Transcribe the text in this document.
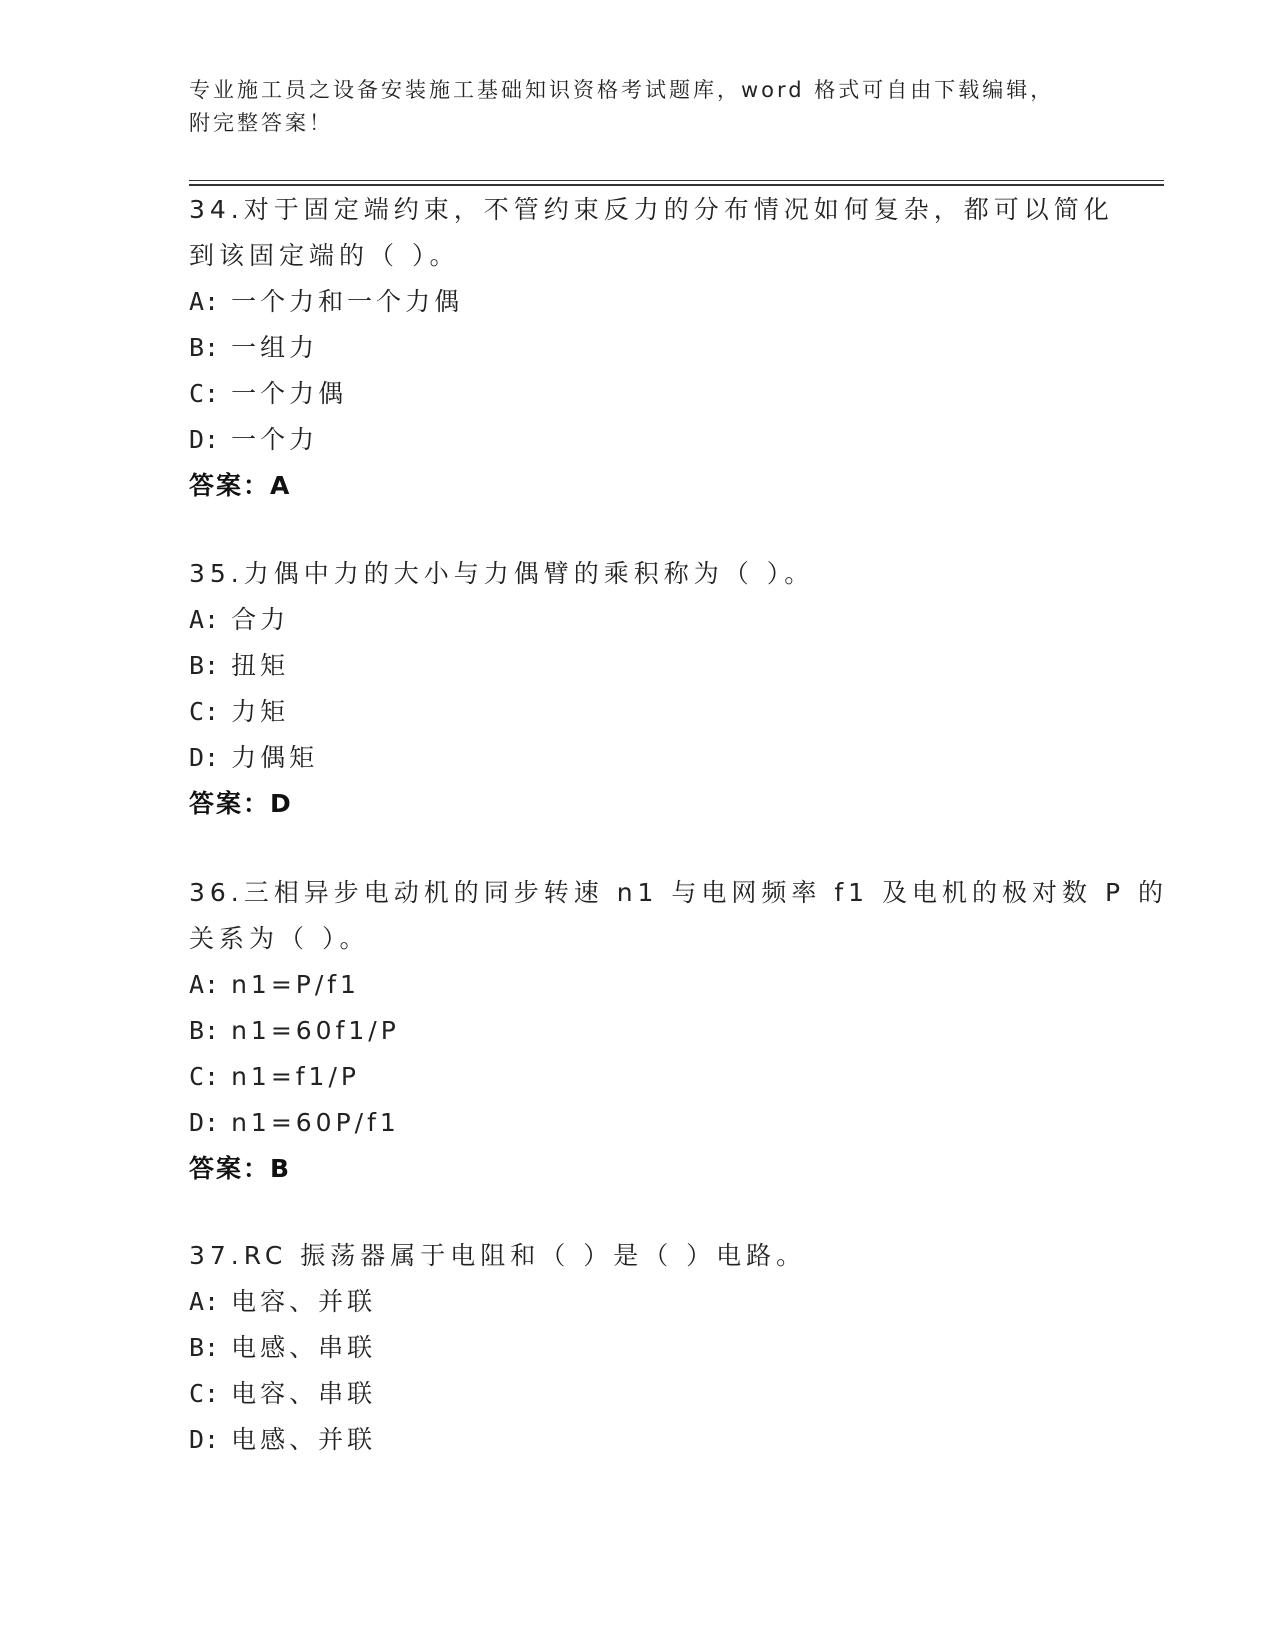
专业施工员之设备安装施工基础知识资格考试题库，word 格式可自由下载编辑，
附完整答案！
34.对于固定端约束，不管约束反力的分布情况如何复杂，都可以简化
到该固定端的（ ）。
A: 一个力和一个力偶
B: 一组力
C: 一个力偶
D: 一个力
答案：A
35.力偶中力的大小与力偶臂的乘积称为（ ）。
A: 合力
B: 扭矩
C: 力矩
D: 力偶矩
答案：D
36.三相异步电动机的同步转速 n1 与电网频率 f1 及电机的极对数 P 的
关系为（ ）。
A: n1=P/f1
B: n1=60f1/P
C: n1=f1/P
D: n1=60P/f1
答案：B
37.RC 振荡器属于电阻和（ ）是（ ）电路。
A: 电容、并联
B: 电感、串联
C: 电容、串联
D: 电感、并联
